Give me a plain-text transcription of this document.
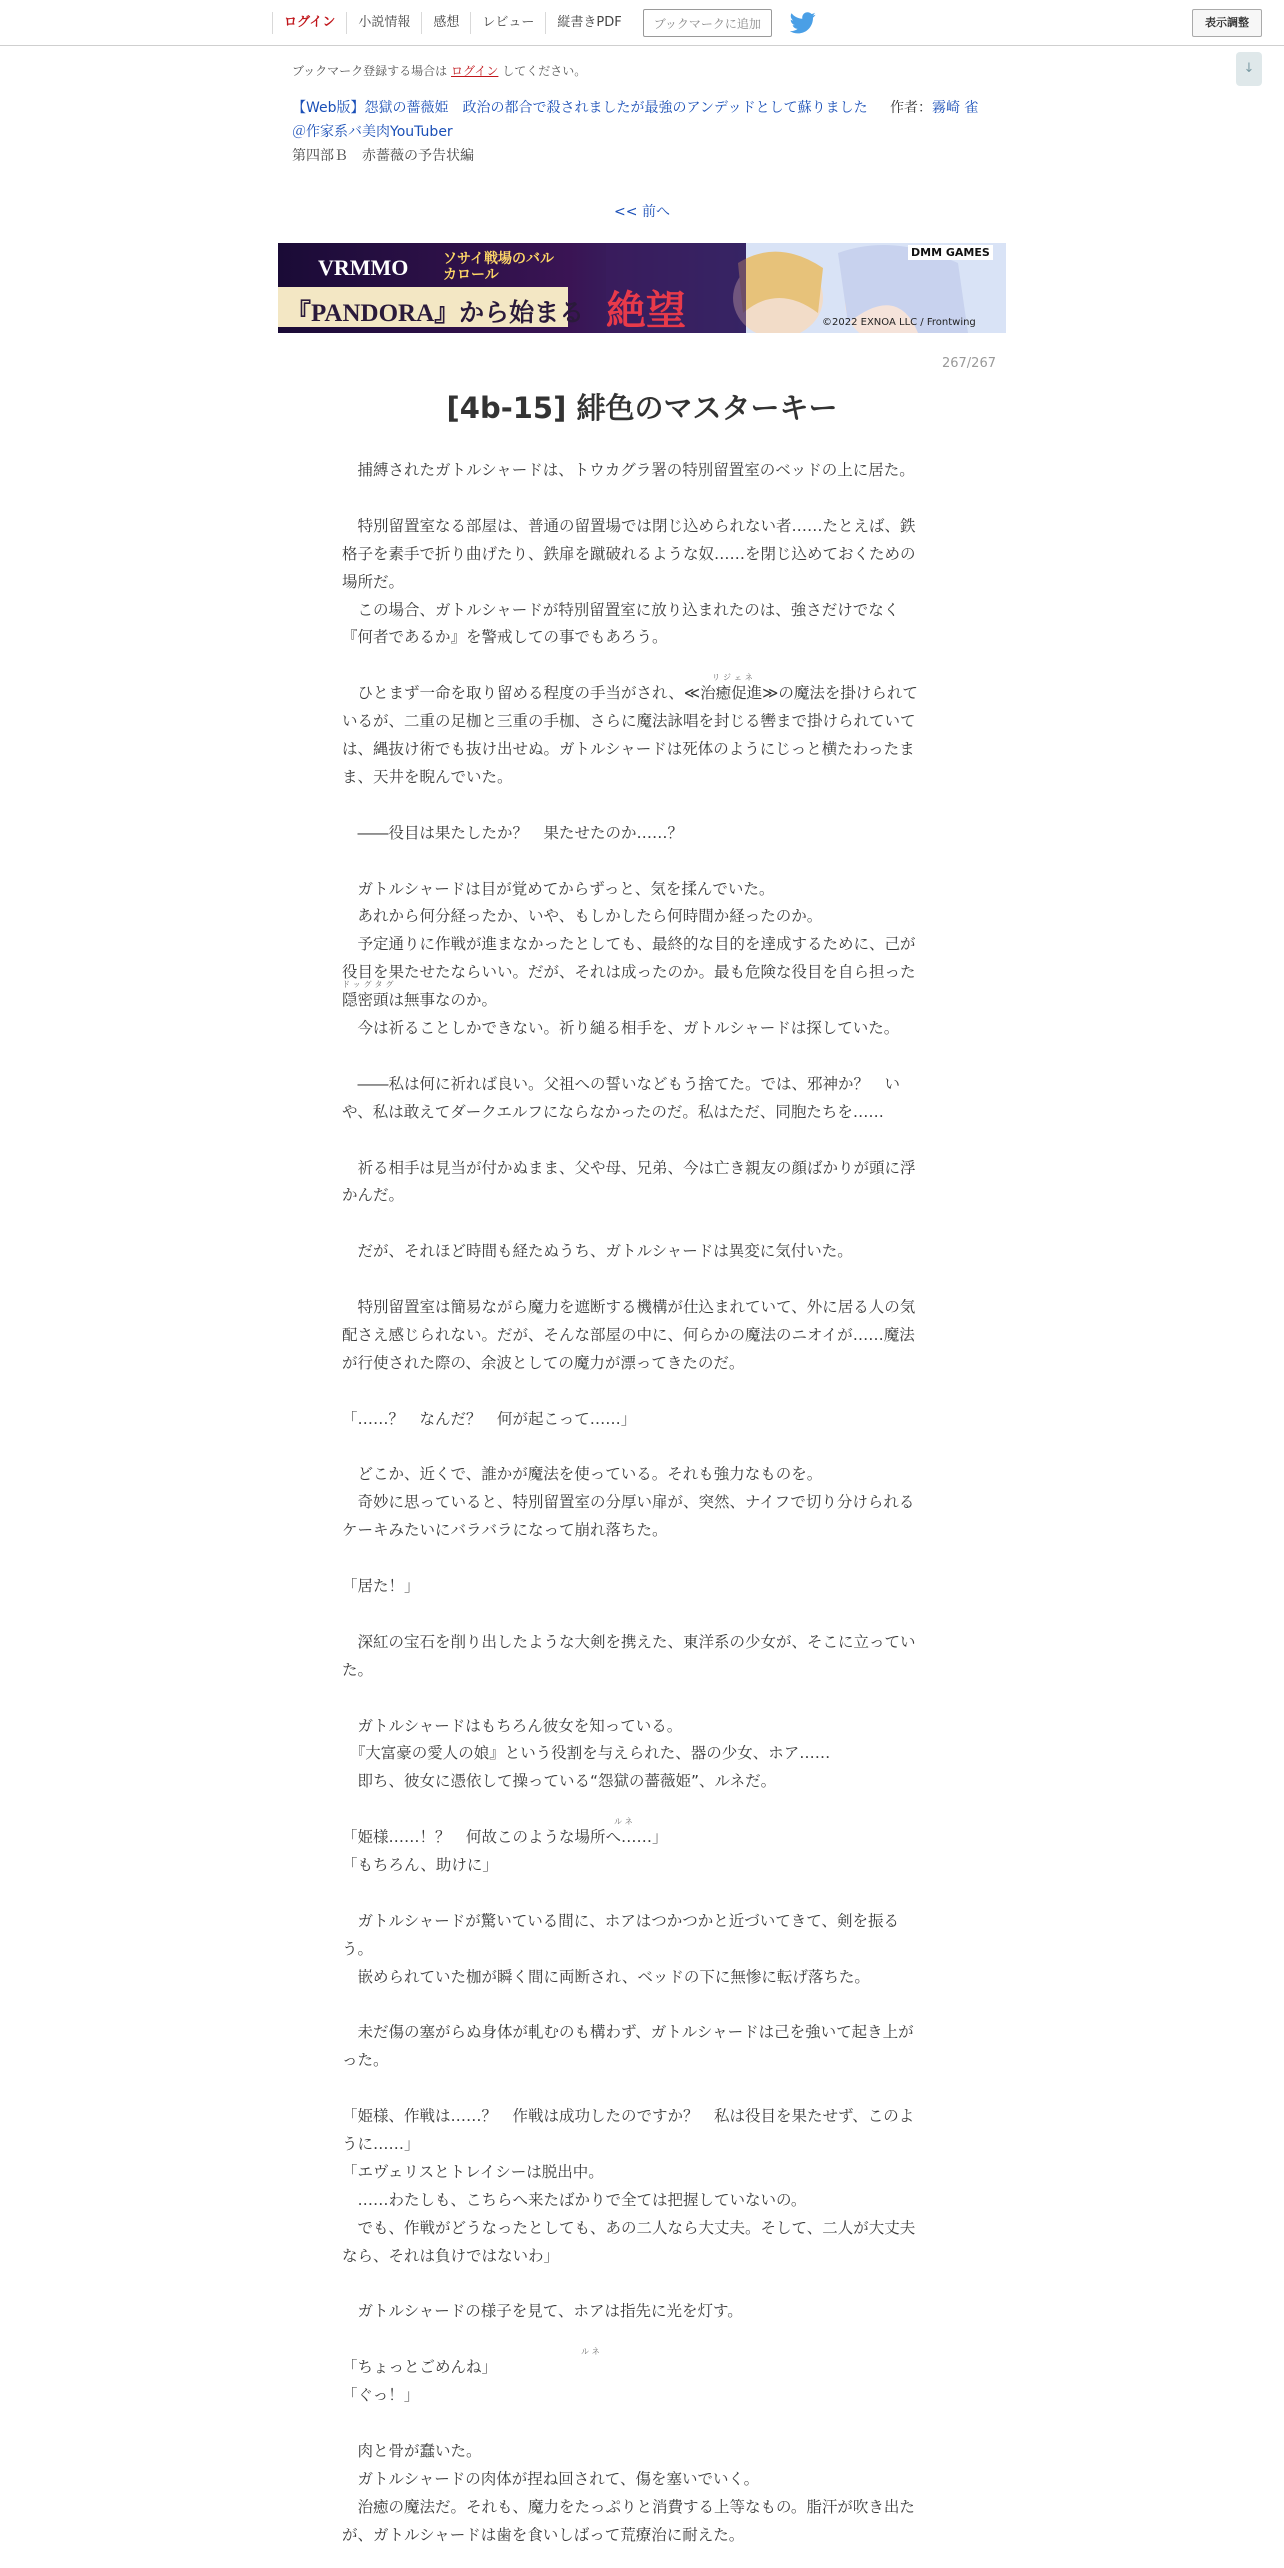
ログイン	小説情報	感想	レビュー	縦書きPDF	ブックマークに追加	表示調整
↓
ブックマーク登録する場合は ログイン してください。
【Web版】怨獄の薔薇姫　政治の都合で殺されましたが最強のアンデッドとして蘇りました 作者：霧崎 雀
＠作家系バ美肉YouTuber
第四部Ｂ　赤薔薇の予告状編
<< 前へ
VRMMO ソサイ戦場のバルカロール
『PANDORA』から始まる 絶望
DMM GAMES
©2022 EXNOA LLC / Frontwing
267/267
[4b-15] 緋色のマスターキー
　捕縛されたガトルシャードは、トウカグラ署の特別留置室のベッドの上に居た。
　特別留置室なる部屋は、普通の留置場では閉じ込められない者……たとえば、鉄
格子を素手で折り曲げたり、鉄扉を蹴破れるような奴……を閉じ込めておくための
場所だ。
　この場合、ガトルシャードが特別留置室に放り込まれたのは、強さだけでなく
『何者であるか』を警戒しての事でもあろう。
　ひとまず一命を取り留める程度の手当がされ、≪治癒促進≫の魔法を掛けられて
いるが、二重の足枷と三重の手枷、さらに魔法詠唱を封じる轡まで掛けられていて
は、縄抜け術でも抜け出せぬ。ガトルシャードは死体のようにじっと横たわったま
ま、天井を睨んでいた。
　――役目は果たしたか？　果たせたのか……？
　ガトルシャードは目が覚めてからずっと、気を揉んでいた。
　あれから何分経ったか、いや、もしかしたら何時間か経ったのか。
　予定通りに作戦が進まなかったとしても、最終的な目的を達成するために、己が
役目を果たせたならいい。だが、それは成ったのか。最も危険な役目を自ら担った
隠密頭は無事なのか。
　今は祈ることしかできない。祈り縋る相手を、ガトルシャードは探していた。
　――私は何に祈れば良い。父祖への誓いなどもう捨てた。では、邪神か？　い
や、私は敢えてダークエルフにならなかったのだ。私はただ、同胞たちを……
　祈る相手は見当が付かぬまま、父や母、兄弟、今は亡き親友の顔ばかりが頭に浮
かんだ。
　だが、それほど時間も経たぬうち、ガトルシャードは異変に気付いた。
　特別留置室は簡易ながら魔力を遮断する機構が仕込まれていて、外に居る人の気
配さえ感じられない。だが、そんな部屋の中に、何らかの魔法のニオイが……魔法
が行使された際の、余波としての魔力が漂ってきたのだ。
「……？　なんだ？　何が起こって……」
　どこか、近くで、誰かが魔法を使っている。それも強力なものを。
　奇妙に思っていると、特別留置室の分厚い扉が、突然、ナイフで切り分けられる
ケーキみたいにバラバラになって崩れ落ちた。
「居た！」
　深紅の宝石を削り出したような大剣を携えた、東洋系の少女が、そこに立ってい
た。
　ガトルシャードはもちろん彼女を知っている。
　『大富豪の愛人の娘』という役割を与えられた、器の少女、ホア……
　即ち、彼女に憑依して操っている“怨獄の薔薇姫”、ルネだ。
「姫様……！？　何故このような場所へ……」
「もちろん、助けに」
　ガトルシャードが驚いている間に、ホアはつかつかと近づいてきて、剣を振る
う。
　嵌められていた枷が瞬く間に両断され、ベッドの下に無惨に転げ落ちた。
　未だ傷の塞がらぬ身体が軋むのも構わず、ガトルシャードは己を強いて起き上が
った。
「姫様、作戦は……？　作戦は成功したのですか？　私は役目を果たせず、このよ
うに……」
「エヴェリスとトレイシーは脱出中。
　……わたしも、こちらへ来たばかりで全ては把握していないの。
　でも、作戦がどうなったとしても、あの二人なら大丈夫。そして、二人が大丈夫
なら、それは負けではないわ」
　ガトルシャードの様子を見て、ホアは指先に光を灯す。
「ちょっとごめんね」
「ぐっ！」
　肉と骨が蠢いた。
　ガトルシャードの肉体が捏ね回されて、傷を塞いでいく。
　治癒の魔法だ。それも、魔力をたっぷりと消費する上等なもの。脂汗が吹き出た
が、ガトルシャードは歯を食いしばって荒療治に耐えた。
リジェネ
ドッグタグ
ルネ
ルネ
